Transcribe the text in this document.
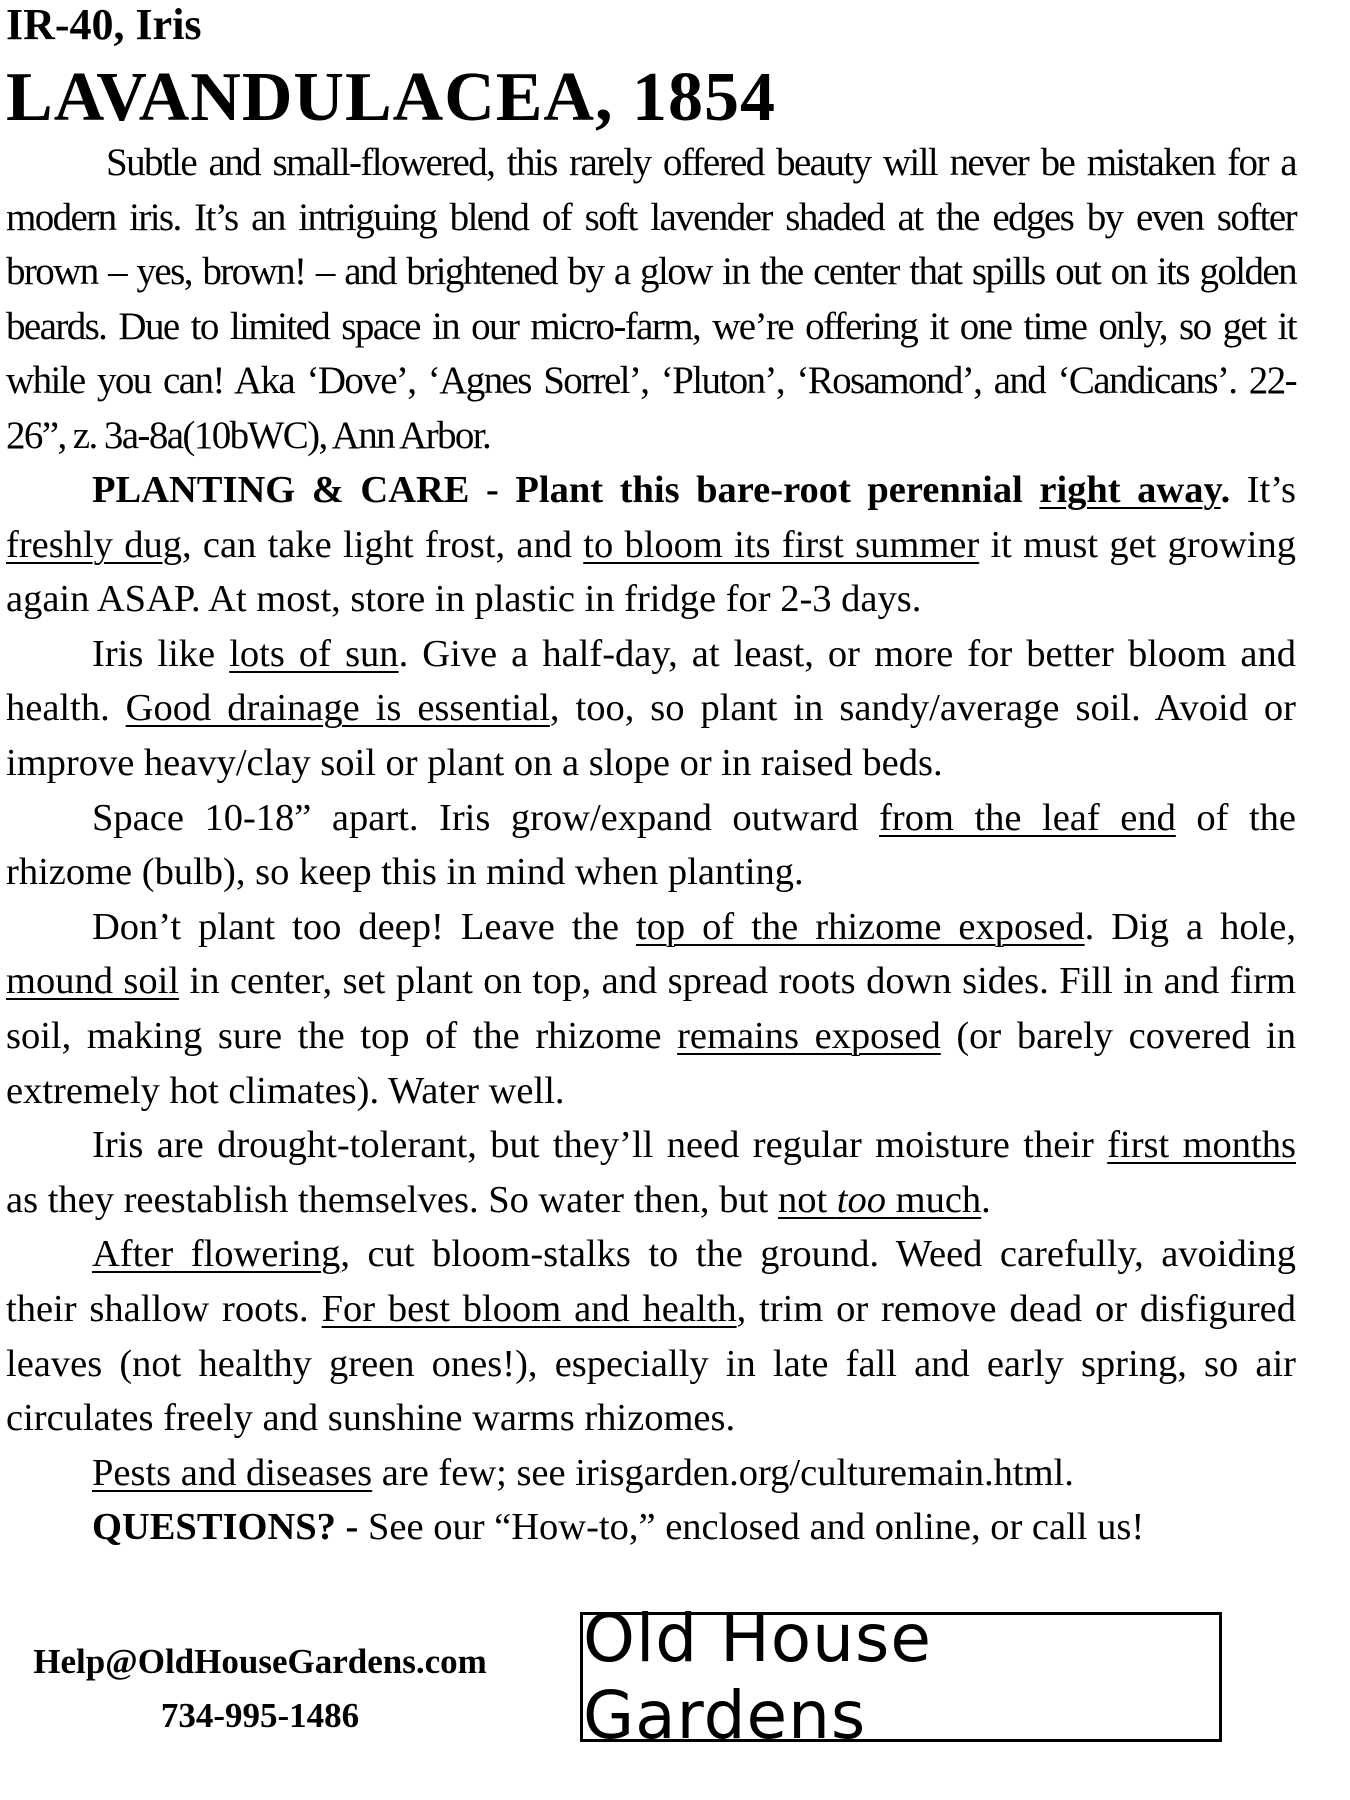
IR-40, Iris
LAVANDULACEA, 1854

Subtle and small-flowered, this rarely offered beauty will never be mistaken for a modern iris. It’s an intriguing blend of soft lavender shaded at the edges by even softer brown – yes, brown! – and brightened by a glow in the center that spills out on its golden beards. Due to limited space in our micro-farm, we’re offering it one time only, so get it while you can! Aka ‘Dove’, ‘Agnes Sorrel’, ‘Pluton’, ‘Rosamond’, and ‘Candicans’. 22-26”, z. 3a-8a(10bWC), Ann Arbor.

PLANTING & CARE - Plant this bare-root perennial right away. It’s freshly dug, can take light frost, and to bloom its first summer it must get growing again ASAP. At most, store in plastic in fridge for 2-3 days.

Iris like lots of sun. Give a half-day, at least, or more for better bloom and health. Good drainage is essential, too, so plant in sandy/average soil. Avoid or improve heavy/clay soil or plant on a slope or in raised beds.

Space 10-18” apart. Iris grow/expand outward from the leaf end of the rhizome (bulb), so keep this in mind when planting.

Don’t plant too deep! Leave the top of the rhizome exposed. Dig a hole, mound soil in center, set plant on top, and spread roots down sides. Fill in and firm soil, making sure the top of the rhizome remains exposed (or barely covered in extremely hot climates). Water well.

Iris are drought-tolerant, but they’ll need regular moisture their first months as they reestablish themselves. So water then, but not too much.

After flowering, cut bloom-stalks to the ground. Weed carefully, avoiding their shallow roots. For best bloom and health, trim or remove dead or disfigured leaves (not healthy green ones!), especially in late fall and early spring, so air circulates freely and sunshine warms rhizomes.

Pests and diseases are few; see irisgarden.org/culturemain.html.

QUESTIONS? - See our “How-to,” enclosed and online, or call us!

Help@OldHouseGardens.com
734-995-1486
Old House Gardens
